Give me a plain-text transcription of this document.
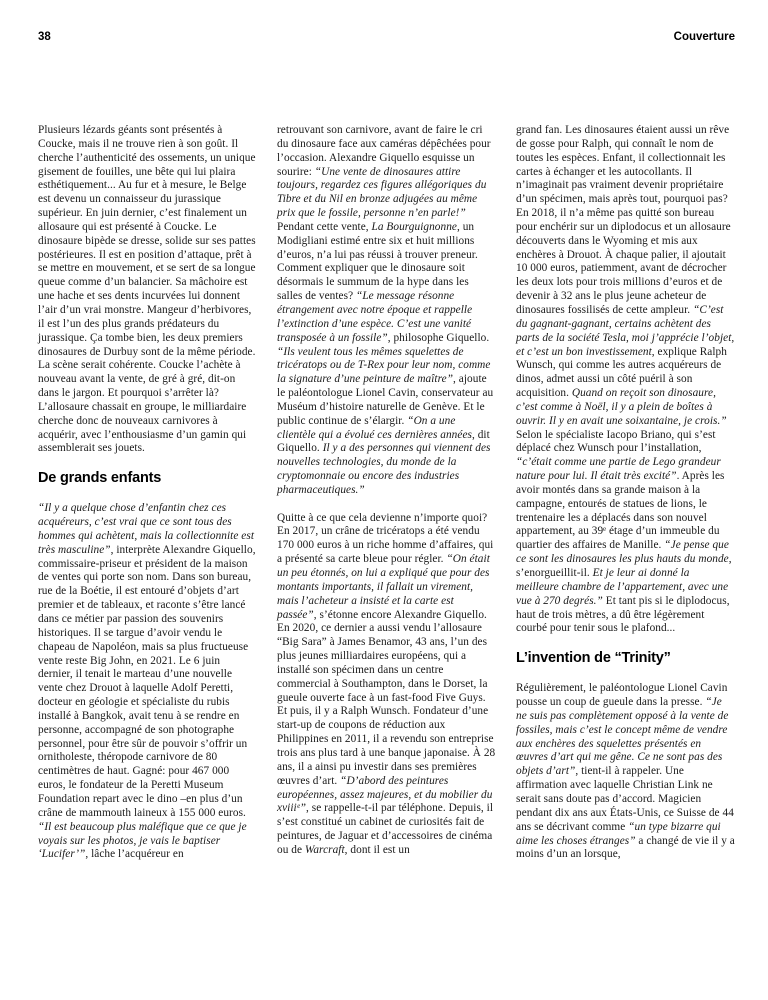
38	Couverture

Plusieurs lézards géants sont présentés à Coucke, mais il ne trouve rien à son goût. Il cherche l’authenticité des ossements, un unique gisement de fouilles, une bête qui lui plaira esthétiquement... Au fur et à mesure, le Belge est devenu un connaisseur du jurassique supérieur. En juin dernier, c’est finalement un allosaure qui est présenté à Coucke. Le dinosaure bipède se dresse, solide sur ses pattes postérieures. Il est en position d’attaque, prêt à se mettre en mouvement, et se sert de sa longue queue comme d’un balancier. Sa mâchoire est une hache et ses dents incurvées lui donnent l’air d’un vrai monstre. Mangeur d’herbivores, il est l’un des plus grands prédateurs du jurassique. Ça tombe bien, les deux premiers dinosaures de Durbuy sont de la même période. La scène serait cohérente. Coucke l’achète à nouveau avant la vente, de gré à gré, dit-on dans le jargon. Et pourquoi s’arrêter là? L’allosaure chassait en groupe, le milliardaire cherche donc de nouveaux carnivores à acquérir, avec l’enthousiasme d’un gamin qui assemblerait ses jouets.

De grands enfants

“Il y a quelque chose d’enfantin chez ces acquéreurs, c’est vrai que ce sont tous des hommes qui achètent, mais la collectionnite est très masculine”, interprète Alexandre Giquello, commissaire-priseur et président de la maison de ventes qui porte son nom. Dans son bureau, rue de la Boétie, il est entouré d’objets d’art premier et de tableaux, et raconte s’être lancé dans ce métier par passion des souvenirs historiques. Il se targue d’avoir vendu le chapeau de Napoléon, mais sa plus fructueuse vente reste Big John, en 2021. Le 6 juin dernier, il tenait le marteau d’une nouvelle vente chez Drouot à laquelle Adolf Peretti, docteur en géologie et spécialiste du rubis installé à Bangkok, avait tenu à se rendre en personne, accompagné de son photographe personnel, pour être sûr de pouvoir s’offrir un ornitholeste, théropode carnivore de 80 centimètres de haut. Gagné: pour 467 000 euros, le fondateur de la Peretti Museum Foundation repart avec le dino –en plus d’un crâne de mammouth laineux à 155 000 euros. “Il est beaucoup plus maléfique que ce que je voyais sur les photos, je vais le baptiser ‘Lucifer’”, lâche l’acquéreur en

retrouvant son carnivore, avant de faire le cri du dinosaure face aux caméras dépêchées pour l’occasion. Alexandre Giquello esquisse un sourire: “Une vente de dinosaures attire toujours, regardez ces figures allégoriques du Tibre et du Nil en bronze adjugées au même prix que le fossile, personne n’en parle!” Pendant cette vente, La Bourguignonne, un Modigliani estimé entre six et huit millions d’euros, n’a lui pas réussi à trouver preneur. Comment expliquer que le dinosaure soit désormais le summum de la hype dans les salles de ventes? “Le message résonne étrangement avec notre époque et rappelle l’extinction d’une espèce. C’est une vanité transposée à un fossile”, philosophe Giquello. “Ils veulent tous les mêmes squelettes de tricératops ou de T-Rex pour leur nom, comme la signature d’une peinture de maître”, ajoute le paléontologue Lionel Cavin, conservateur au Muséum d’histoire naturelle de Genève. Et le public continue de s’élargir. “On a une clientèle qui a évolué ces dernières années, dit Giquello. Il y a des personnes qui viennent des nouvelles technologies, du monde de la cryptomonnaie ou encore des industries pharmaceutiques.”

Quitte à ce que cela devienne n’importe quoi? En 2017, un crâne de tricératops a été vendu 170 000 euros à un riche homme d’affaires, qui a présenté sa carte bleue pour régler. “On était un peu étonnés, on lui a expliqué que pour des montants importants, il fallait un virement, mais l’acheteur a insisté et la carte est passée”, s’étonne encore Alexandre Giquello. En 2020, ce dernier a aussi vendu l’allosaure “Big Sara” à James Benamor, 43 ans, l’un des plus jeunes milliardaires européens, qui a installé son spécimen dans un centre commercial à Southampton, dans le Dorset, la gueule ouverte face à un fast-food Five Guys. Et puis, il y a Ralph Wunsch. Fondateur d’une start-up de coupons de réduction aux Philippines en 2011, il a revendu son entreprise trois ans plus tard à une banque japonaise. À 28 ans, il a ainsi pu investir dans ses premières œuvres d’art. “D’abord des peintures européennes, assez majeures, et du mobilier du xviiiᵉ”, se rappelle-t-il par téléphone. Depuis, il s’est constitué un cabinet de curiosités fait de peintures, de Jaguar et d’accessoires de cinéma ou de Warcraft, dont il est un

grand fan. Les dinosaures étaient aussi un rêve de gosse pour Ralph, qui connaît le nom de toutes les espèces. Enfant, il collectionnait les cartes à échanger et les autocollants. Il n’imaginait pas vraiment devenir propriétaire d’un spécimen, mais après tout, pourquoi pas? En 2018, il n’a même pas quitté son bureau pour enchérir sur un diplodocus et un allosaure découverts dans le Wyoming et mis aux enchères à Drouot. À chaque palier, il ajoutait 10 000 euros, patiemment, avant de décrocher les deux lots pour trois millions d’euros et de devenir à 32 ans le plus jeune acheteur de dinosaures fossilisés de cette ampleur. “C’est du gagnant-gagnant, certains achètent des parts de la société Tesla, moi j’apprécie l’objet, et c’est un bon investissement, explique Ralph Wunsch, qui comme les autres acquéreurs de dinos, admet aussi un côté puéril à son acquisition. Quand on reçoit son dinosaure, c’est comme à Noël, il y a plein de boîtes à ouvrir. Il y en avait une soixantaine, je crois.” Selon le spécialiste Iacopo Briano, qui s’est déplacé chez Wunsch pour l’installation, “c’était comme une partie de Lego grandeur nature pour lui. Il était très excité”. Après les avoir montés dans sa grande maison à la campagne, entourés de statues de lions, le trentenaire les a déplacés dans son nouvel appartement, au 39ᵉ étage d’un immeuble du quartier des affaires de Manille. “Je pense que ce sont les dinosaures les plus hauts du monde, s’enorgueillit-il. Et je leur ai donné la meilleure chambre de l’appartement, avec une vue à 270 degrés.” Et tant pis si le diplodocus, haut de trois mètres, a dû être légèrement courbé pour tenir sous le plafond...

L’invention de “Trinity”

Régulièrement, le paléontologue Lionel Cavin pousse un coup de gueule dans la presse. “Je ne suis pas complètement opposé à la vente de fossiles, mais c’est le concept même de vendre aux enchères des squelettes présentés en œuvres d’art qui me gêne. Ce ne sont pas des objets d’art”, tient-il à rappeler. Une affirmation avec laquelle Christian Link ne serait sans doute pas d’accord. Magicien pendant dix ans aux États-Unis, ce Suisse de 44 ans se décrivant comme “un type bizarre qui aime les choses étranges” a changé de vie il y a moins d’un an lorsque,
